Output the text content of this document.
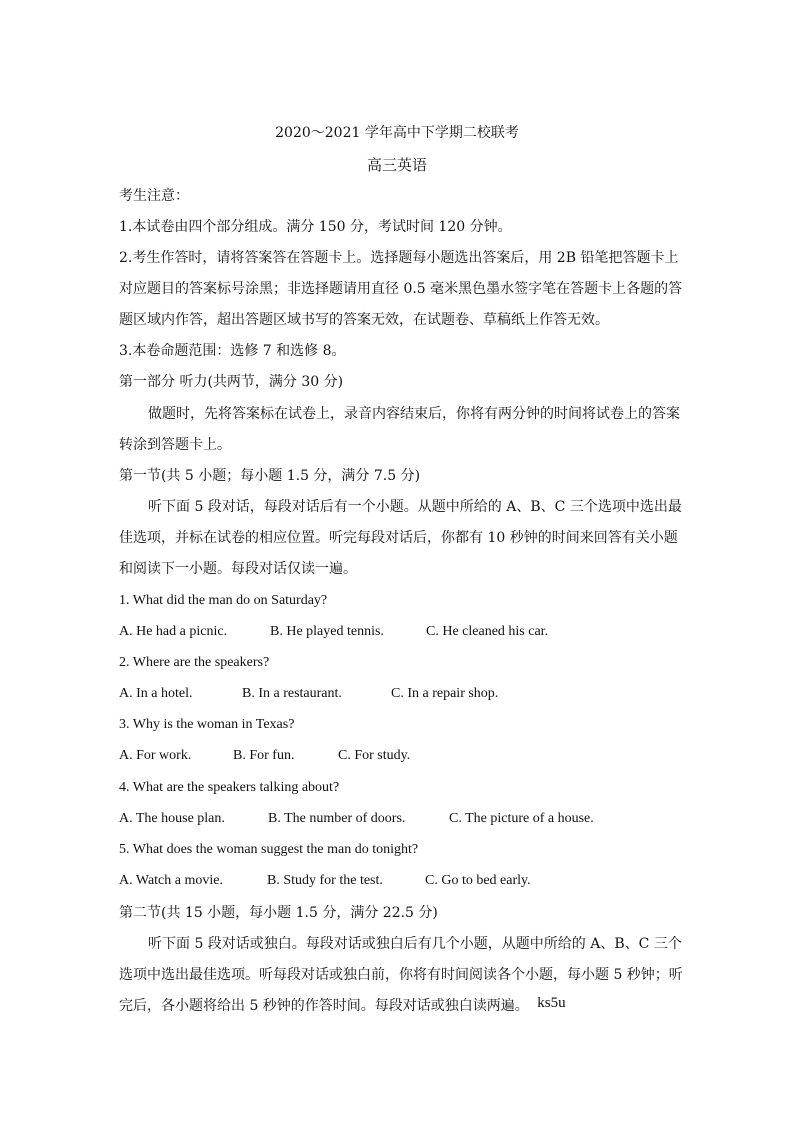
2020～2021 学年高中下学期二校联考
高三英语
考生注意：
1.本试卷由四个部分组成。满分 150 分，考试时间 120 分钟。
2.考生作答时，请将答案答在答题卡上。选择题每小题选出答案后，用 2B 铅笔把答题卡上
对应题目的答案标号涂黑；非选择题请用直径 0.5 毫米黑色墨水签字笔在答题卡上各题的答
题区域内作答，超出答题区域书写的答案无效，在试题卷、草稿纸上作答无效。
3.本卷命题范围：选修 7 和选修 8。
第一部分 听力(共两节，满分 30 分)
做题时，先将答案标在试卷上，录音内容结束后，你将有两分钟的时间将试卷上的答案
转涂到答题卡上。
第一节(共 5 小题；每小题 1.5 分，满分 7.5 分)
听下面 5 段对话，每段对话后有一个小题。从题中所给的 A、B、C 三个选项中选出最
佳选项，并标在试卷的相应位置。听完每段对话后，你都有 10 秒钟的时间来回答有关小题
和阅读下一小题。每段对话仅读一遍。
1. What did the man do on Saturday?
A. He had a picnic.	B. He played tennis.	C. He cleaned his car.
2. Where are the speakers?
A. In a hotel.	B. In a restaurant.	C. In a repair shop.
3. Why is the woman in Texas?
A. For work.	B. For fun.	C. For study.
4. What are the speakers talking about?
A. The house plan.	B. The number of doors.	C. The picture of a house.
5. What does the woman suggest the man do tonight?
A. Watch a movie.	B. Study for the test.	C. Go to bed early.
第二节(共 15 小题，每小题 1.5 分，满分 22.5 分)
听下面 5 段对话或独白。每段对话或独白后有几个小题，从题中所给的 A、B、C 三个
选项中选出最佳选项。听每段对话或独白前，你将有时间阅读各个小题，每小题 5 秒钟；听
完后，各小题将给出 5 秒钟的作答时间。每段对话或独白读两遍。 ks5u
